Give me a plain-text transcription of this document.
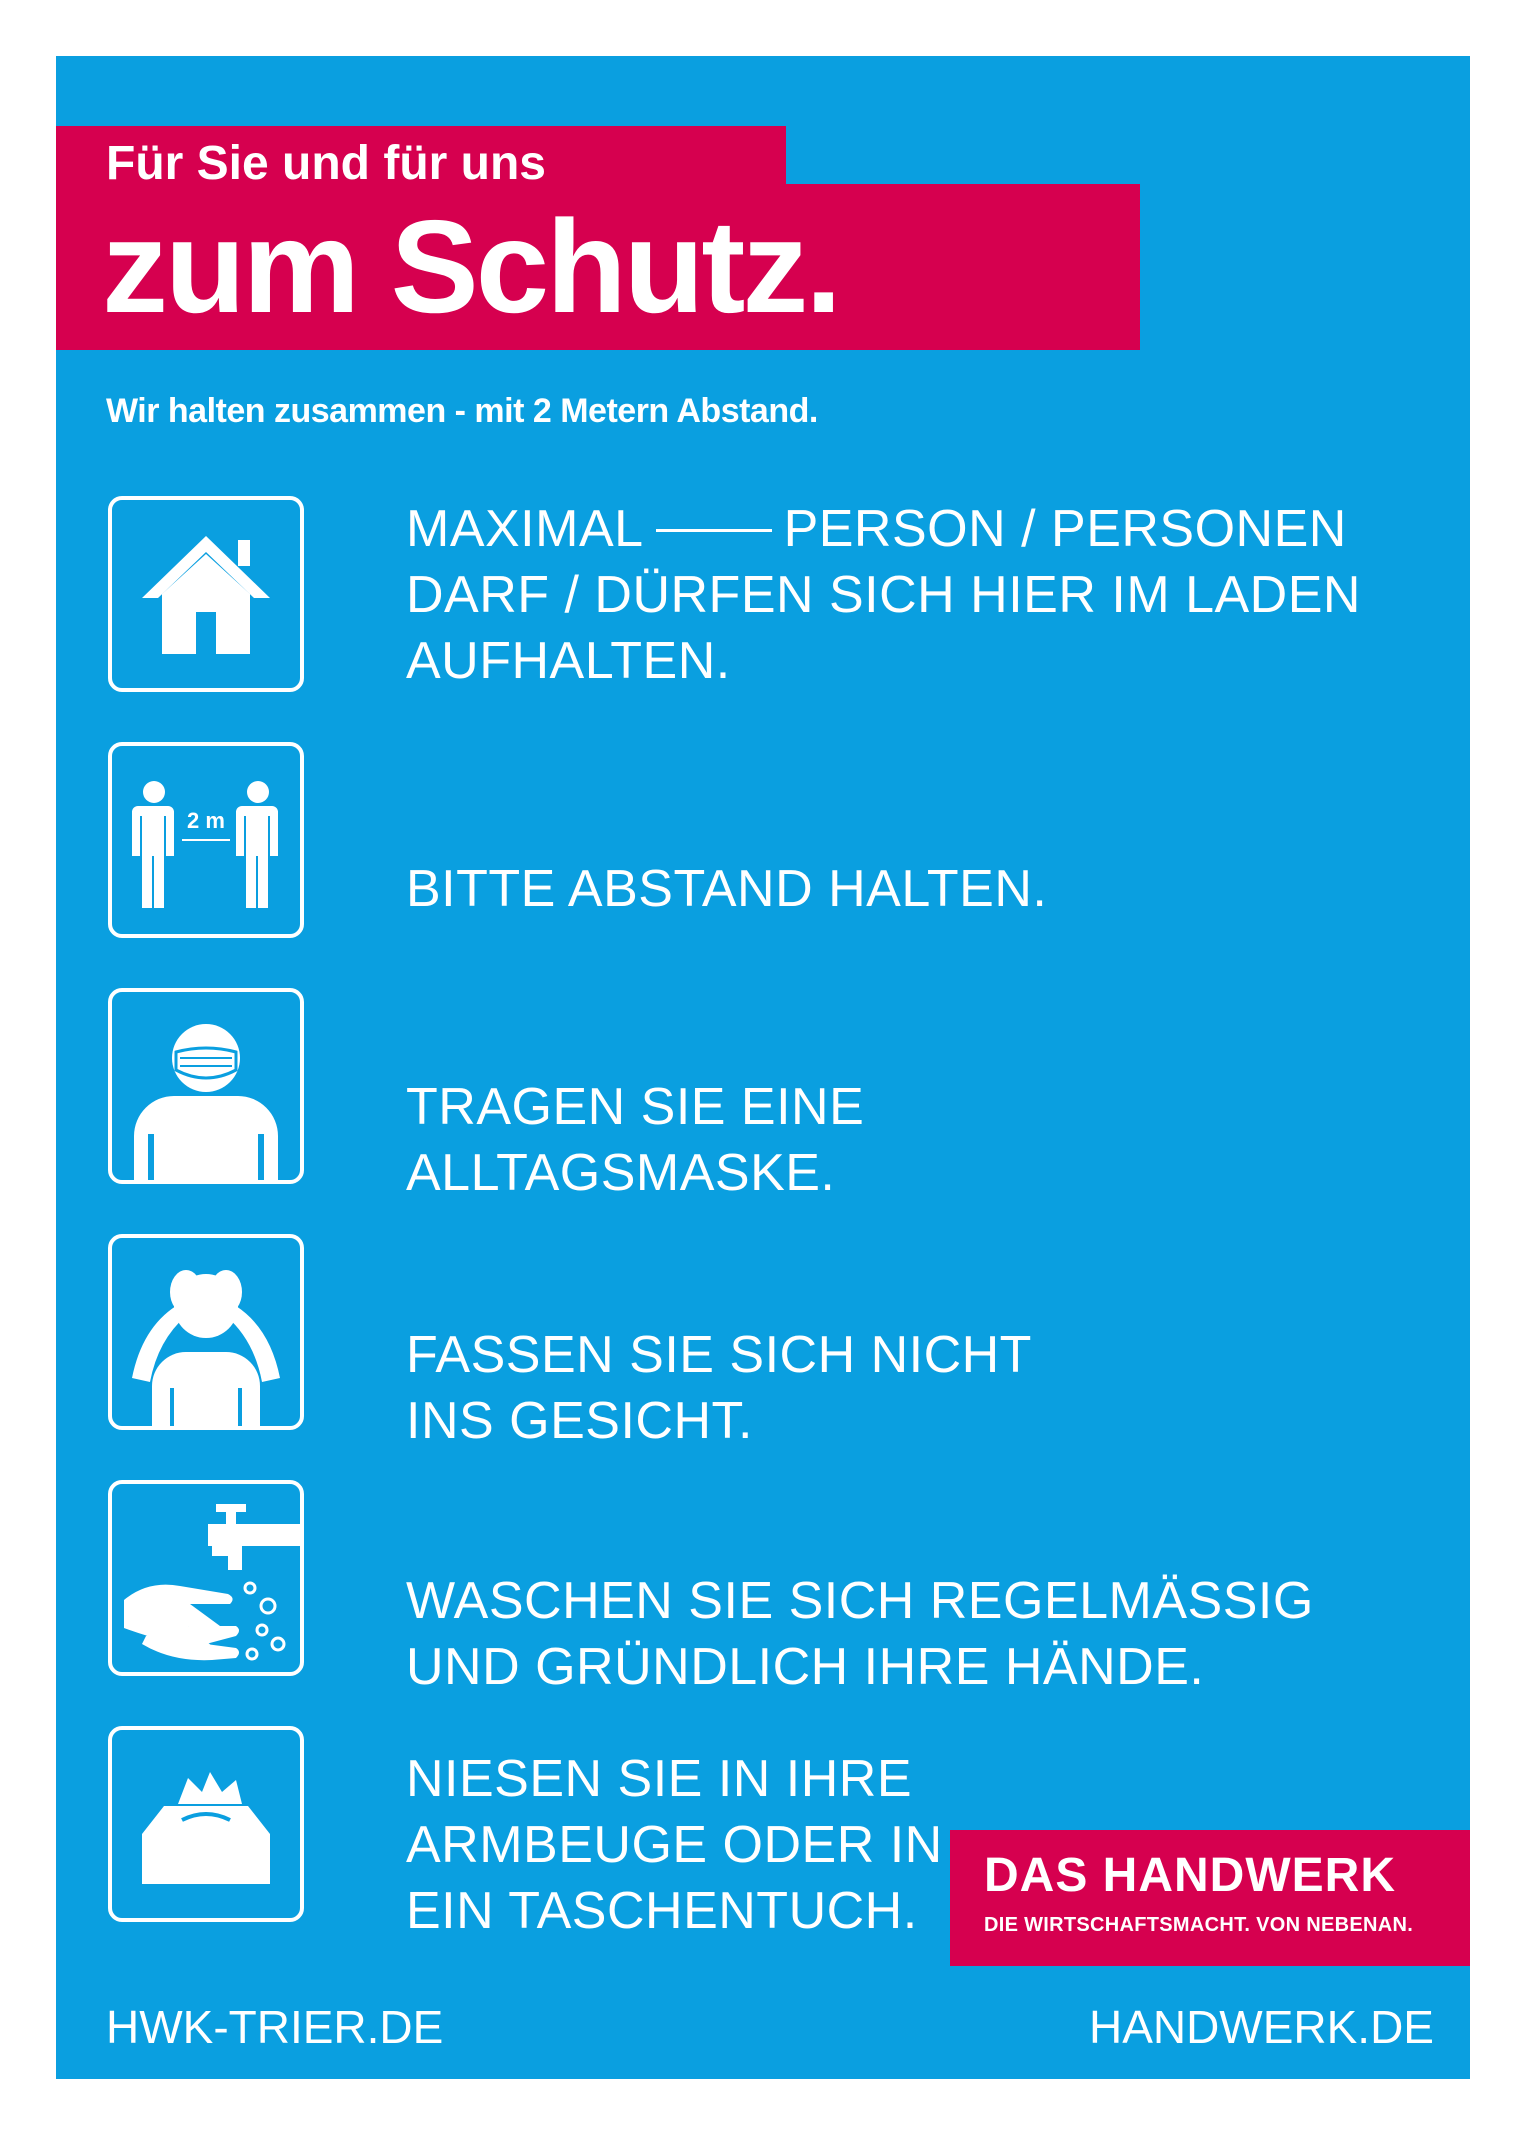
Für Sie und für uns

zum Schutz.

Wir halten zusammen - mit 2 Metern Abstand.

MAXIMAL	PERSON / PERSONEN
DARF / DÜRFEN SICH HIER IM LADEN
AUFHALTEN.

2 m

BITTE ABSTAND HALTEN.

TRAGEN SIE EINE
ALLTAGSMASKE.

FASSEN SIE SICH NICHT
INS GESICHT.

WASCHEN SIE SICH REGELMÄSSIG
UND GRÜNDLICH IHRE HÄNDE.

NIESEN SIE IN IHRE
ARMBEUGE ODER IN
EIN TASCHENTUCH.

DAS HANDWERK

DIE WIRTSCHAFTSMACHT. VON NEBENAN.

HWK-TRIER.DE	HANDWERK.DE
